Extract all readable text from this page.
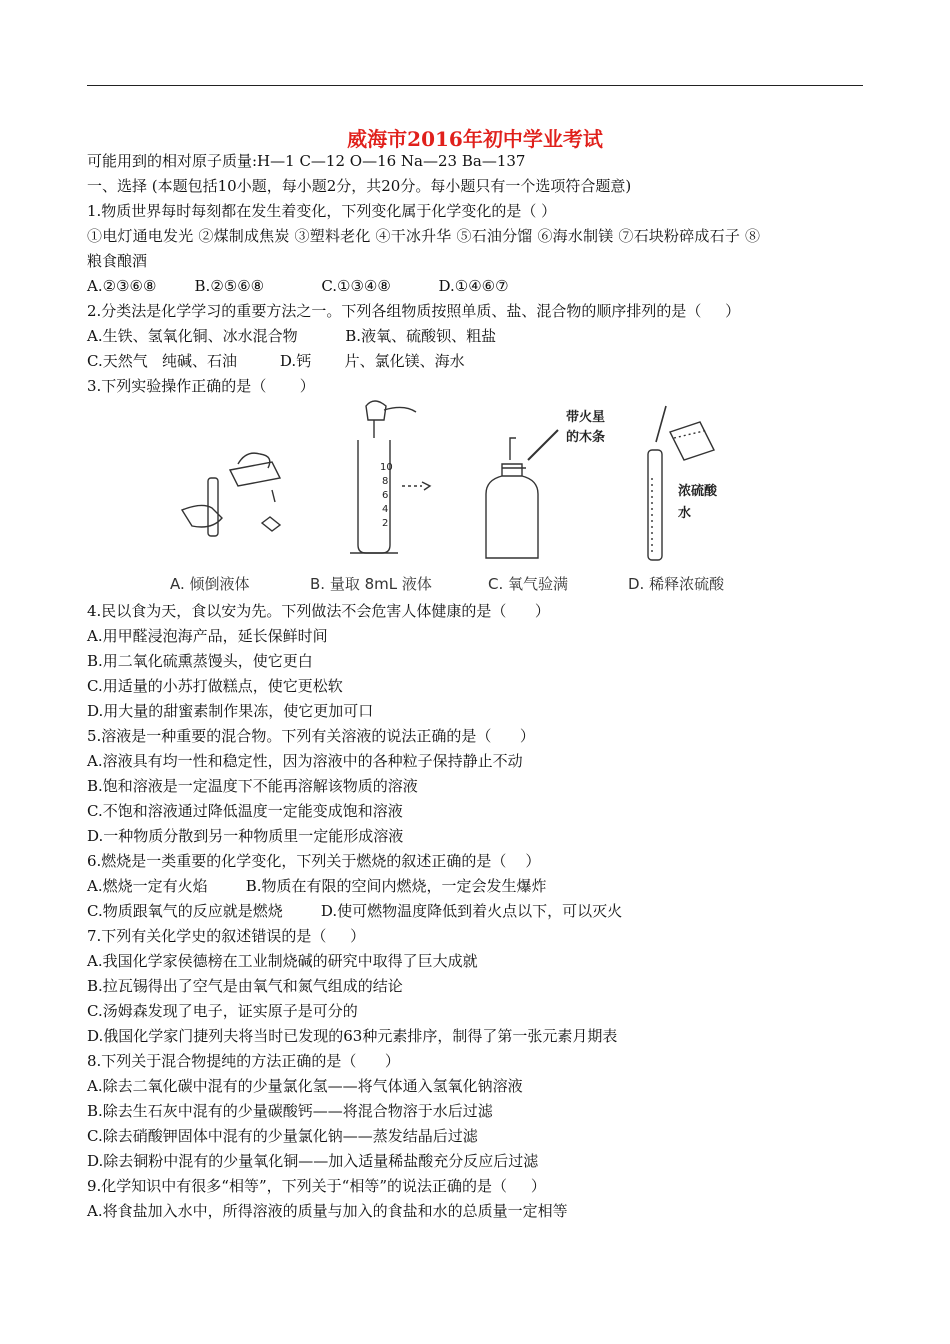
威海市2016年初中学业考试
可能用到的相对原子质量:H—1 C—12 O—16 Na—23 Ba—137
一、选择 (本题包括10小题，每小题2分，共20分。每小题只有一个选项符合题意)
1.物质世界每时每刻都在发生着变化，下列变化属于化学变化的是（ ）
①电灯通电发光 ②煤制成焦炭 ③塑料老化 ④干冰升华 ⑤石油分馏 ⑥海水制镁 ⑦石块粉碎成石子 ⑧
粮食酿酒
A.②③⑥⑧        B.②⑤⑥⑧            C.①③④⑧          D.①④⑥⑦
2.分类法是化学学习的重要方法之一。下列各组物质按照单质、盐、混合物的顺序排列的是（     ）
A.生铁、氢氧化铜、冰水混合物          B.液氧、硫酸钡、粗盐
C.天然气   纯碱、石油         D.钙       片、氯化镁、海水
3.下列实验操作正确的是（       ）
10
8
6
4
2
带火星
的木条
浓硫酸
水
A. 倾倒液体	B. 量取 8mL 液体	C. 氧气验满	D. 稀释浓硫酸
4.民以食为天，食以安为先。下列做法不会危害人体健康的是（      ）
A.用甲醛浸泡海产品，延长保鲜时间
B.用二氧化硫熏蒸馒头，使它更白
C.用适量的小苏打做糕点，使它更松软
D.用大量的甜蜜素制作果冻，使它更加可口
5.溶液是一种重要的混合物。下列有关溶液的说法正确的是（      ）
A.溶液具有均一性和稳定性，因为溶液中的各种粒子保持静止不动
B.饱和溶液是一定温度下不能再溶解该物质的溶液
C.不饱和溶液通过降低温度一定能变成饱和溶液
D.一种物质分散到另一种物质里一定能形成溶液
6.燃烧是一类重要的化学变化，下列关于燃烧的叙述正确的是（    ）
A.燃烧一定有火焰        B.物质在有限的空间内燃烧，一定会发生爆炸
C.物质跟氧气的反应就是燃烧        D.使可燃物温度降低到着火点以下，可以灭火
7.下列有关化学史的叙述错误的是（     ）
A.我国化学家侯德榜在工业制烧碱的研究中取得了巨大成就
B.拉瓦锡得出了空气是由氧气和氮气组成的结论
C.汤姆森发现了电子，证实原子是可分的
D.俄国化学家门捷列夫将当时已发现的63种元素排序，制得了第一张元素月期表
8.下列关于混合物提纯的方法正确的是（      ）
A.除去二氧化碳中混有的少量氯化氢——将气体通入氢氧化钠溶液
B.除去生石灰中混有的少量碳酸钙——将混合物溶于水后过滤
C.除去硝酸钾固体中混有的少量氯化钠——蒸发结晶后过滤
D.除去铜粉中混有的少量氧化铜——加入适量稀盐酸充分反应后过滤
9.化学知识中有很多“相等”，下列关于“相等”的说法正确的是（     ）
A.将食盐加入水中，所得溶液的质量与加入的食盐和水的总质量一定相等
